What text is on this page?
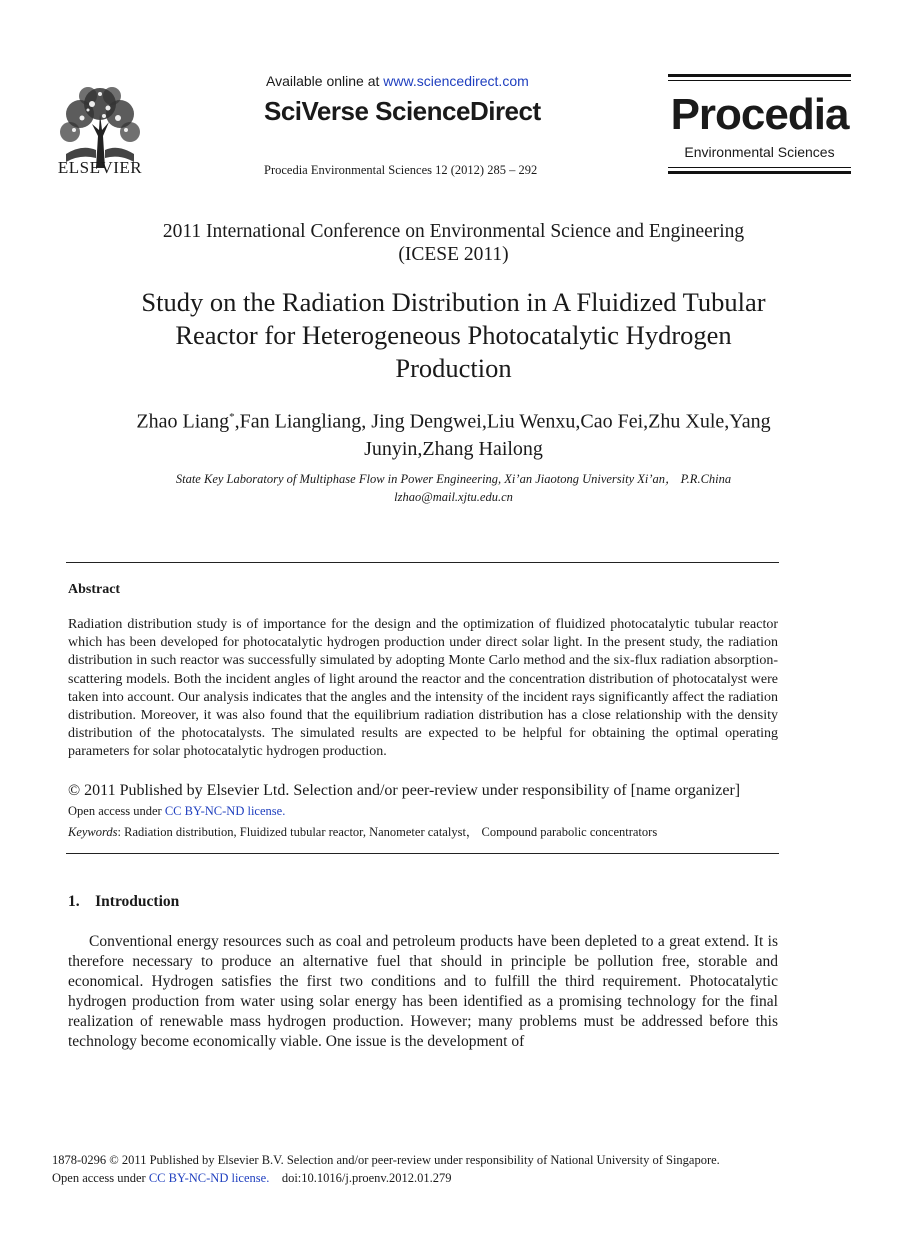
ELSEVIER
Available online at www.sciencedirect.com
SciVerse ScienceDirect
Procedia Environmental Sciences 12 (2012) 285 – 292
Procedia
Environmental Sciences
2011 International Conference on Environmental Science and Engineering
(ICESE 2011)
Study on the Radiation Distribution in A Fluidized Tubular
Reactor for Heterogeneous Photocatalytic Hydrogen
Production
Zhao Liang*,Fan Liangliang, Jing Dengwei,Liu Wenxu,Cao Fei,Zhu Xule,Yang
Junyin,Zhang Hailong
State Key Laboratory of Multiphase Flow in Power Engineering, Xi’an Jiaotong University Xi’an， P.R.China
lzhao@mail.xjtu.edu.cn
Abstract
Radiation distribution study is of importance for the design and the optimization of fluidized photocatalytic tubular reactor which has been developed for photocatalytic hydrogen production under direct solar light. In the present study, the radiation distribution in such reactor was successfully simulated by adopting Monte Carlo method and the six-flux radiation absorption-scattering models. Both the incident angles of light around the reactor and the concentration distribution of photocatalyst were taken into account. Our analysis indicates that the angles and the intensity of the incident rays significantly affect the radiation distribution. Moreover, it was also found that the equilibrium radiation distribution has a close relationship with the density distribution of the photocatalysts. The simulated results are expected to be helpful for obtaining the optimal operating parameters for solar photocatalytic hydrogen production.
© 2011 Published by Elsevier Ltd. Selection and/or peer-review under responsibility of [name organizer]
Open access under CC BY-NC-ND license.
Keywords: Radiation distribution, Fluidized tubular reactor, Nanometer catalyst， Compound parabolic concentrators
1. Introduction
Conventional energy resources such as coal and petroleum products have been depleted to a great extend. It is therefore necessary to produce an alternative fuel that should in principle be pollution free, storable and economical. Hydrogen satisfies the first two conditions and to fulfill the third requirement. Photocatalytic hydrogen production from water using solar energy has been identified as a promising technology for the final realization of renewable mass hydrogen production. However; many problems must be addressed before this technology become economically viable. One issue is the development of
1878-0296 © 2011 Published by Elsevier B.V. Selection and/or peer-review under responsibility of National University of Singapore.
Open access under CC BY-NC-ND license. doi:10.1016/j.proenv.2012.01.279
